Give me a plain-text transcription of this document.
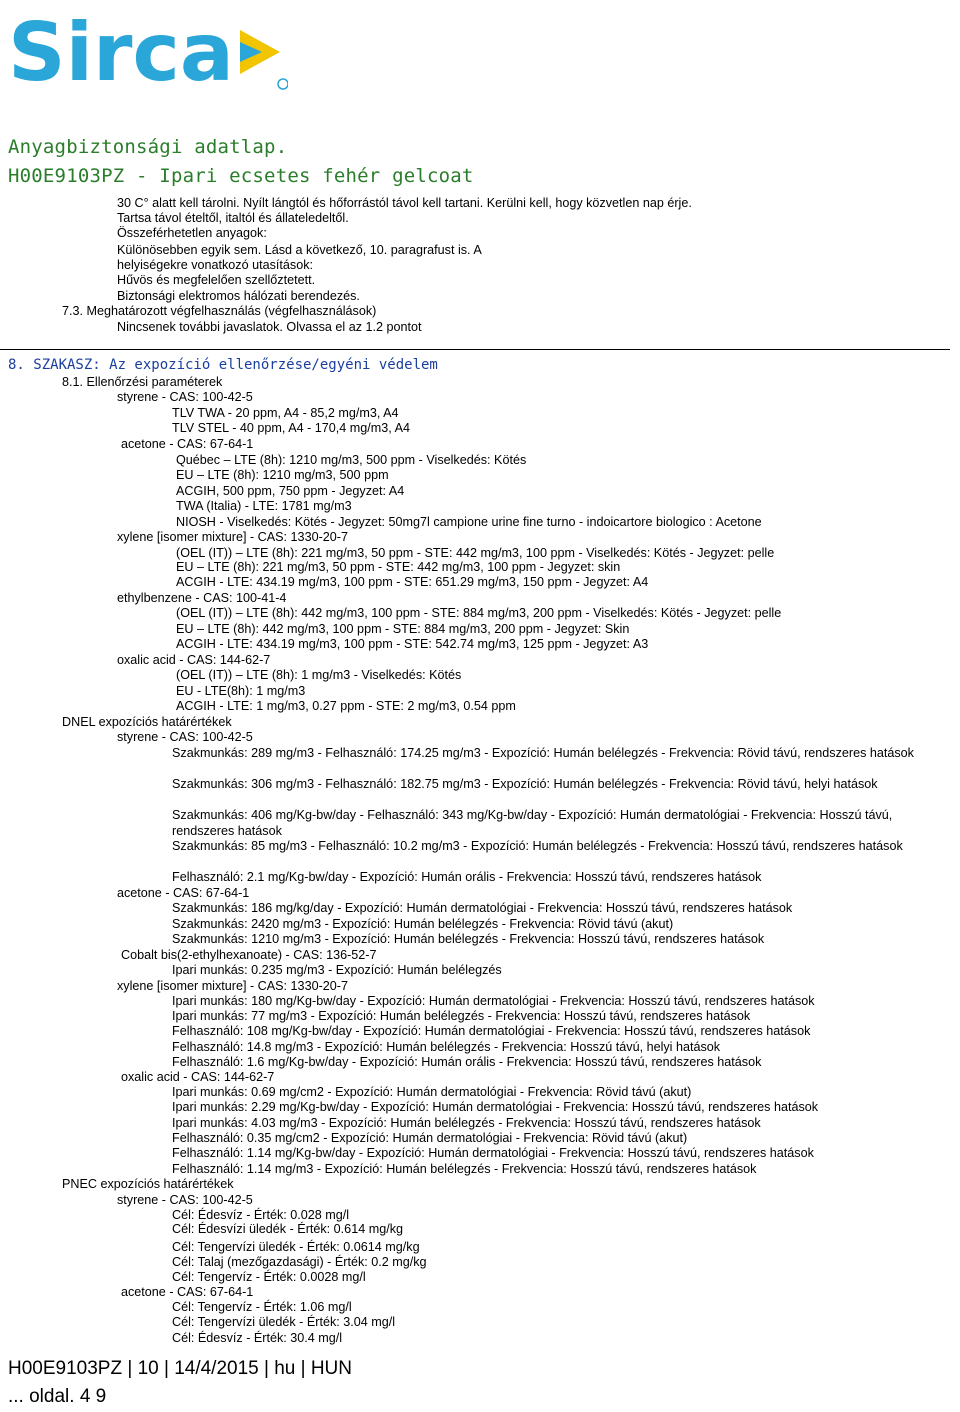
Sirca
Anyagbiztonsági adatlap.
H00E9103PZ - Ipari ecsetes fehér gelcoat
30 C° alatt kell tárolni. Nyílt lángtól és hőforrástól távol kell tartani. Kerülni kell, hogy közvetlen nap érje.
Tartsa távol ételtől, italtól és állateledeltől.
Összeférhetetlen anyagok:
Különösebben egyik sem. Lásd a következő, 10. paragrafust is. A
helyiségekre vonatkozó utasítások:
Hűvös és megfelelően szellőztetett.
Biztonsági elektromos hálózati berendezés.
7.3. Meghatározott végfelhasználás (végfelhasználások)
Nincsenek további javaslatok. Olvassa el az 1.2 pontot
8. SZAKASZ: Az expozíció ellenőrzése/egyéni védelem
8.1. Ellenőrzési paraméterek
styrene - CAS: 100-42-5
TLV TWA - 20 ppm, A4 - 85,2 mg/m3, A4
TLV STEL - 40 ppm, A4 - 170,4 mg/m3, A4
acetone - CAS: 67-64-1
Québec – LTE (8h): 1210 mg/m3, 500 ppm - Viselkedés: Kötés
EU – LTE (8h): 1210 mg/m3, 500 ppm
ACGIH, 500 ppm, 750 ppm - Jegyzet: A4
TWA (Italia) - LTE: 1781 mg/m3
NIOSH - Viselkedés: Kötés - Jegyzet: 50mg7l campione urine fine turno - indoicartore biologico : Acetone
xylene [isomer mixture] - CAS: 1330-20-7
(OEL (IT)) – LTE (8h): 221 mg/m3, 50 ppm - STE: 442 mg/m3, 100 ppm - Viselkedés: Kötés - Jegyzet: pelle
EU – LTE (8h): 221 mg/m3, 50 ppm - STE: 442 mg/m3, 100 ppm - Jegyzet: skin
ACGIH - LTE: 434.19 mg/m3, 100 ppm - STE: 651.29 mg/m3, 150 ppm - Jegyzet: A4
ethylbenzene - CAS: 100-41-4
(OEL (IT)) – LTE (8h): 442 mg/m3, 100 ppm - STE: 884 mg/m3, 200 ppm - Viselkedés: Kötés - Jegyzet: pelle
EU – LTE (8h): 442 mg/m3, 100 ppm - STE: 884 mg/m3, 200 ppm - Jegyzet: Skin
ACGIH - LTE: 434.19 mg/m3, 100 ppm - STE: 542.74 mg/m3, 125 ppm - Jegyzet: A3
oxalic acid - CAS: 144-62-7
(OEL (IT)) – LTE (8h): 1 mg/m3 - Viselkedés: Kötés
EU - LTE(8h): 1 mg/m3
ACGIH - LTE: 1 mg/m3, 0.27 ppm - STE: 2 mg/m3, 0.54 ppm
DNEL expozíciós határértékek
styrene - CAS: 100-42-5
Szakmunkás: 289 mg/m3 - Felhasználó: 174.25 mg/m3 - Expozíció: Humán belélegzés - Frekvencia: Rövid távú, rendszeres hatások
Szakmunkás: 306 mg/m3 - Felhasználó: 182.75 mg/m3 - Expozíció: Humán belélegzés - Frekvencia: Rövid távú, helyi hatások
Szakmunkás: 406 mg/Kg-bw/day - Felhasználó: 343 mg/Kg-bw/day - Expozíció: Humán dermatológiai - Frekvencia: Hosszú távú, rendszeres hatások
Szakmunkás: 85 mg/m3 - Felhasználó: 10.2 mg/m3 - Expozíció: Humán belélegzés - Frekvencia: Hosszú távú, rendszeres hatások
Felhasználó: 2.1 mg/Kg-bw/day - Expozíció: Humán orális - Frekvencia: Hosszú távú, rendszeres hatások
acetone - CAS: 67-64-1
Szakmunkás: 186 mg/kg/day - Expozíció: Humán dermatológiai - Frekvencia: Hosszú távú, rendszeres hatások
Szakmunkás: 2420 mg/m3 - Expozíció: Humán belélegzés - Frekvencia: Rövid távú (akut)
Szakmunkás: 1210 mg/m3 - Expozíció: Humán belélegzés - Frekvencia: Hosszú távú, rendszeres hatások
Cobalt bis(2-ethylhexanoate) - CAS: 136-52-7
Ipari munkás: 0.235 mg/m3 - Expozíció: Humán belélegzés
xylene [isomer mixture] - CAS: 1330-20-7
Ipari munkás: 180 mg/Kg-bw/day - Expozíció: Humán dermatológiai - Frekvencia: Hosszú távú, rendszeres hatások
Ipari munkás: 77 mg/m3 - Expozíció: Humán belélegzés - Frekvencia: Hosszú távú, rendszeres hatások
Felhasználó: 108 mg/Kg-bw/day - Expozíció: Humán dermatológiai - Frekvencia: Hosszú távú, rendszeres hatások
Felhasználó: 14.8 mg/m3 - Expozíció: Humán belélegzés - Frekvencia: Hosszú távú, helyi hatások
Felhasználó: 1.6 mg/Kg-bw/day - Expozíció: Humán orális - Frekvencia: Hosszú távú, rendszeres hatások
oxalic acid - CAS: 144-62-7
Ipari munkás: 0.69 mg/cm2 - Expozíció: Humán dermatológiai - Frekvencia: Rövid távú (akut)
Ipari munkás: 2.29 mg/Kg-bw/day - Expozíció: Humán dermatológiai - Frekvencia: Hosszú távú, rendszeres hatások
Ipari munkás: 4.03 mg/m3 - Expozíció: Humán belélegzés - Frekvencia: Hosszú távú, rendszeres hatások
Felhasználó: 0.35 mg/cm2 - Expozíció: Humán dermatológiai - Frekvencia: Rövid távú (akut)
Felhasználó: 1.14 mg/Kg-bw/day - Expozíció: Humán dermatológiai - Frekvencia: Hosszú távú, rendszeres hatások
Felhasználó: 1.14 mg/m3 - Expozíció: Humán belélegzés - Frekvencia: Hosszú távú, rendszeres hatások
PNEC expozíciós határértékek
styrene - CAS: 100-42-5
Cél: Édesvíz - Érték: 0.028 mg/l
Cél: Édesvízi üledék - Érték: 0.614 mg/kg
Cél: Tengervízi üledék - Érték: 0.0614 mg/kg
Cél: Talaj (mezőgazdasági) - Érték: 0.2 mg/kg
Cél: Tengervíz - Érték: 0.0028 mg/l
acetone - CAS: 67-64-1
Cél: Tengervíz - Érték: 1.06 mg/l
Cél: Tengervízi üledék - Érték: 3.04 mg/l
Cél: Édesvíz - Érték: 30.4 mg/l
H00E9103PZ | 10 | 14/4/2015 | hu | HUN
... oldal. 4 9
